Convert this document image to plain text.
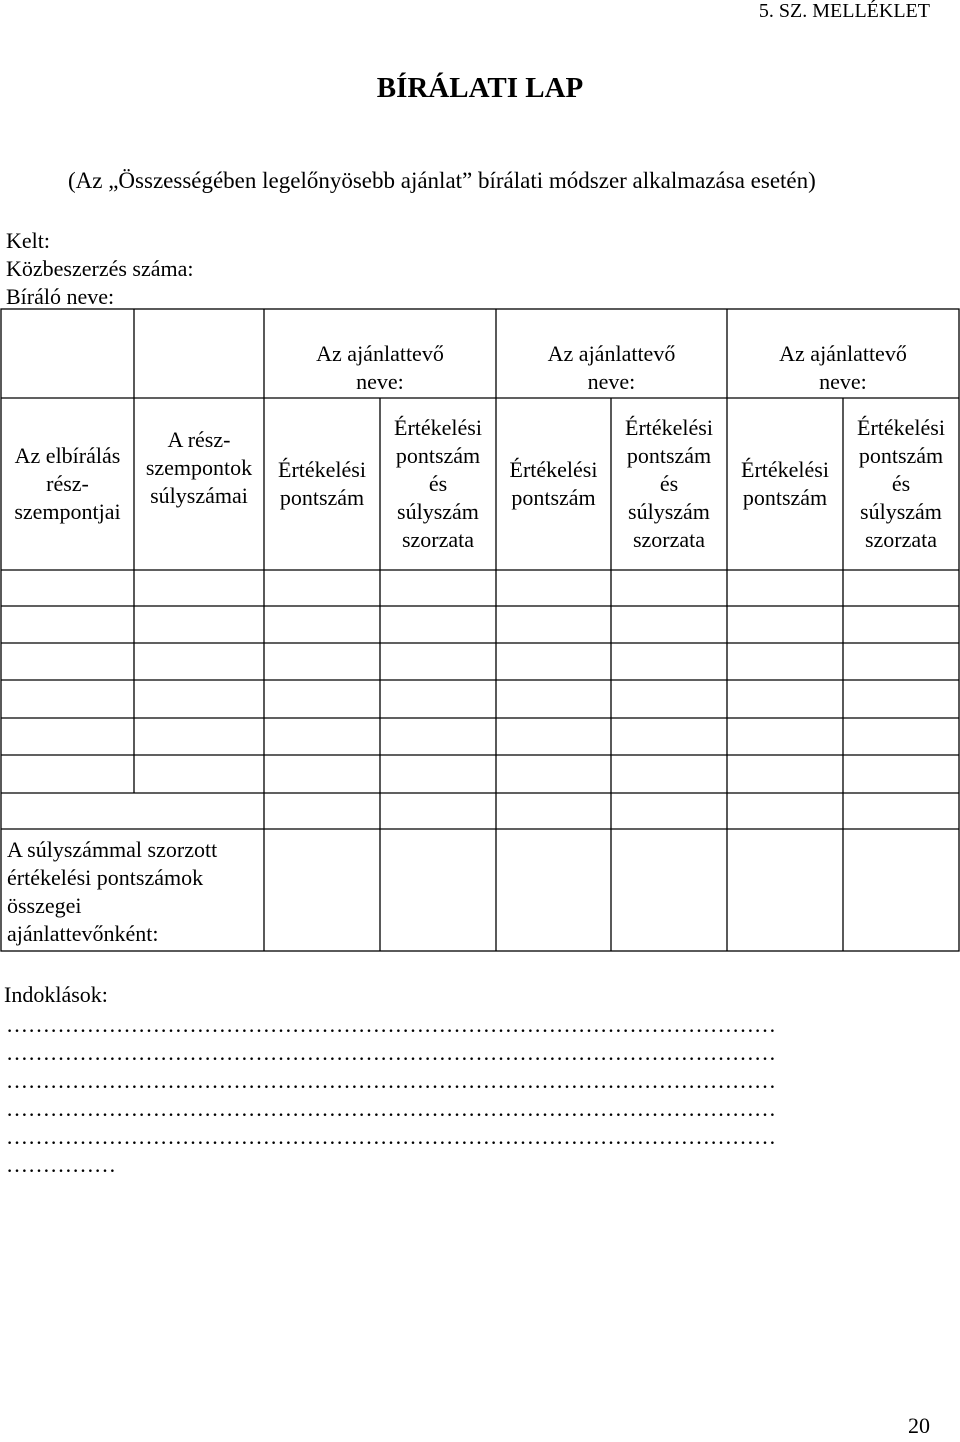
5. SZ. MELLÉKLET
BÍRÁLATI LAP
(Az „Összességében legelőnyösebb ajánlat” bírálati módszer alkalmazása esetén)
Kelt:
Közbeszerzés száma:
Bíráló neve:
Az ajánlattevő
neve:
Az ajánlattevő
neve:
Az ajánlattevő
neve:
Az elbírálás
rész-
szempontjai
A rész-
szempontok
súlyszámai
Értékelési
pontszám
Értékelési
pontszám
és
súlyszám
szorzata
Értékelési
pontszám
Értékelési
pontszám
és
súlyszám
szorzata
Értékelési
pontszám
Értékelési
pontszám
és
súlyszám
szorzata
A súlyszámmal szorzott
értékelési pontszámok
összegei
ajánlattevőnként:
Indoklások:
……………………………………………………………………………………………
……………………………………………………………………………………………
……………………………………………………………………………………………
……………………………………………………………………………………………
……………………………………………………………………………………………
……………
20
